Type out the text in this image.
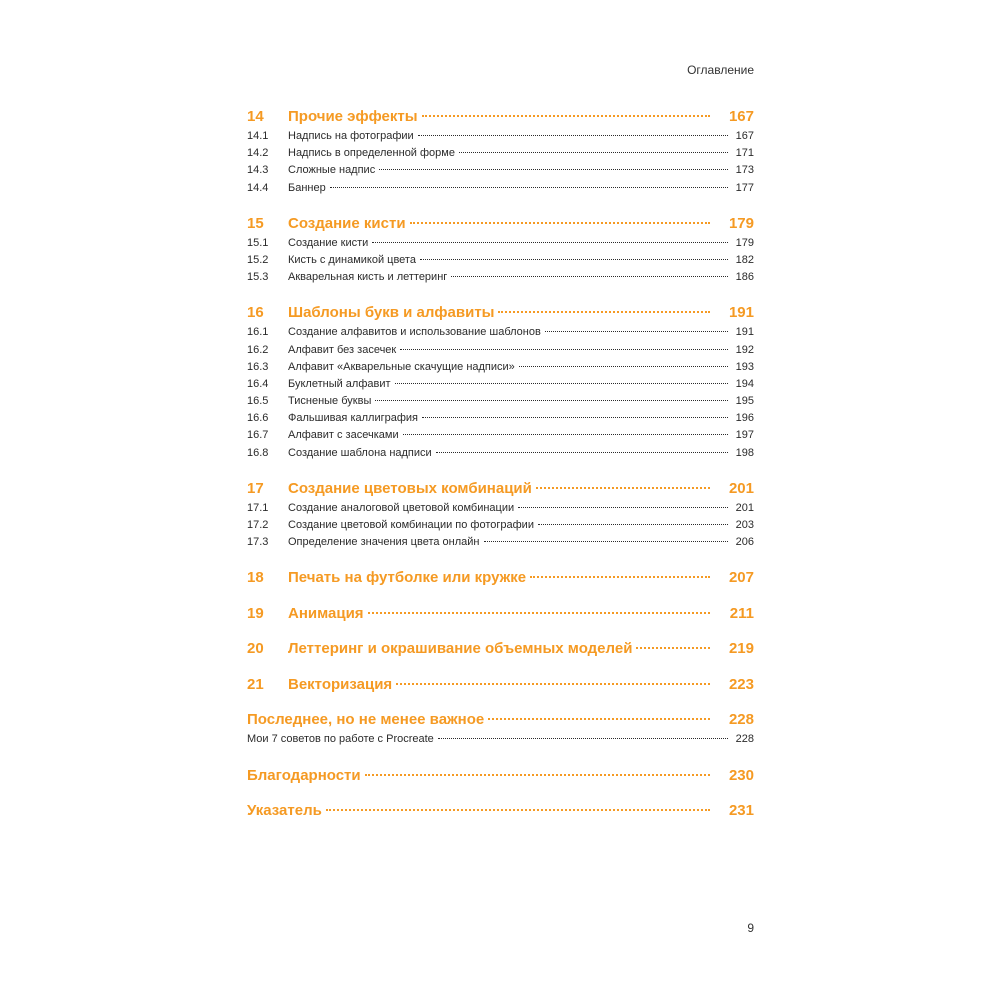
Оглавление
14	Прочие эффекты	167
14.1	Надпись на фотографии	167
14.2	Надпись в определенной форме	171
14.3	Сложные надпис	173
14.4	Баннер	177
15	Создание кисти	179
15.1	Создание кисти	179
15.2	Кисть с динамикой цвета	182
15.3	Акварельная кисть и леттеринг	186
16	Шаблоны букв и алфавиты	191
16.1	Создание алфавитов и использование шаблонов	191
16.2	Алфавит без засечек	192
16.3	Алфавит «Акварельные скачущие надписи»	193
16.4	Буклетный алфавит	194
16.5	Тисненые буквы	195
16.6	Фальшивая каллиграфия	196
16.7	Алфавит с засечками	197
16.8	Создание шаблона надписи	198
17	Создание цветовых комбинаций	201
17.1	Создание аналоговой цветовой комбинации	201
17.2	Создание цветовой комбинации по фотографии	203
17.3	Определение значения цвета онлайн	206
18	Печать на футболке или кружке	207
19	Анимация	211
20	Леттеринг и окрашивание объемных моделей	219
21	Векторизация	223
Последнее, но не менее важное	228
Мои 7 советов по работе с Procreate	228
Благодарности	230
Указатель	231
9
